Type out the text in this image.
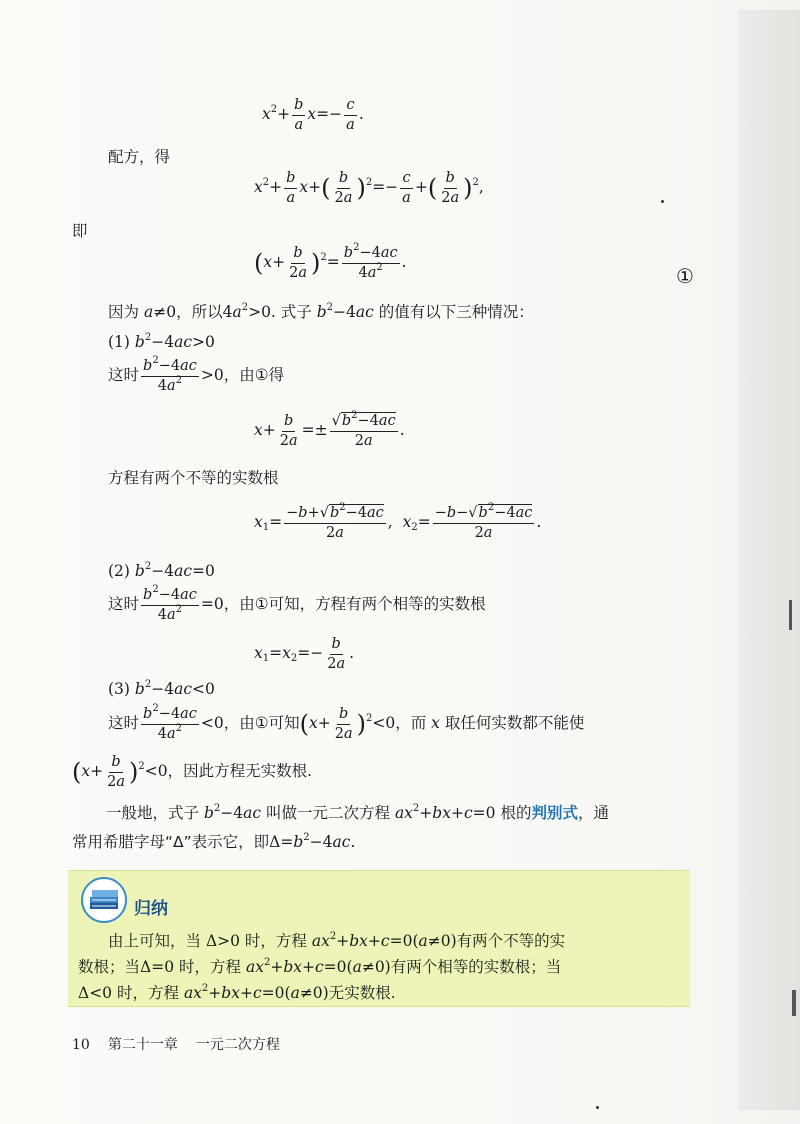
$x^2+ \frac{b}{a} x=- \frac{c}{a}$ .
配方，得
$x^2+ \frac{b}{a} x+( \frac{b}{2a} )^2=- \frac{c}{a}$ +( $\frac{b}{2a} )^2$,
即
$(x+ \frac{b}{2a} )^2= \frac{b^2-4ac}{4a^2}$ .
①
因为 a≠0，所以$4a^2>0$. 式子 $b^2-4ac$ 的值有以下三种情况：
(1) $b^2-4ac>0$
这时 $\frac{b^2-4ac}{4a^2} >0$，由①得
$x+ \frac{b}{2a} =\pm \frac{√b^2-4ac}{2a}$ .
方程有两个不等的实数根
$x_1= \frac{-b+√b^2-4ac}{2a}$ ,  $x_2= \frac{-b-√b^2-4ac}{2a}$ .
(2) $b^2-4ac=0$
这时 $\frac{b^2-4ac}{4a^2} =0$，由①可知，方程有两个相等的实数根
$x_1=x_2=- \frac{b}{2a}$ .
(3) $b^2-4ac<0$
这时 $\frac{b^2-4ac}{4a^2} <0$，由①可知$(x+ \frac{b}{2a} )^2<0$，而 x 取任何实数都不能使
$(x+ \frac{b}{2a} )^2<0$，因此方程无实数根.
一般地，式子 $b^2-4ac$ 叫做一元二次方程 $ax^2+bx+c=0$ 根的判别式，通
常用希腊字母“Δ”表示它，即$\Delta=b^2-4ac$.
归纳
由上可知，当 Δ>0 时，方程 $ax^2+bx+c=0(a\ne 0)$有两个不等的实
数根；当Δ=0 时，方程 $ax^2+bx+c=0(a\ne 0)$有两个相等的实数根；当
Δ<0 时，方程 $ax^2+bx+c=0(a\ne 0)$无实数根.
10 第二十一章 一元二次方程
